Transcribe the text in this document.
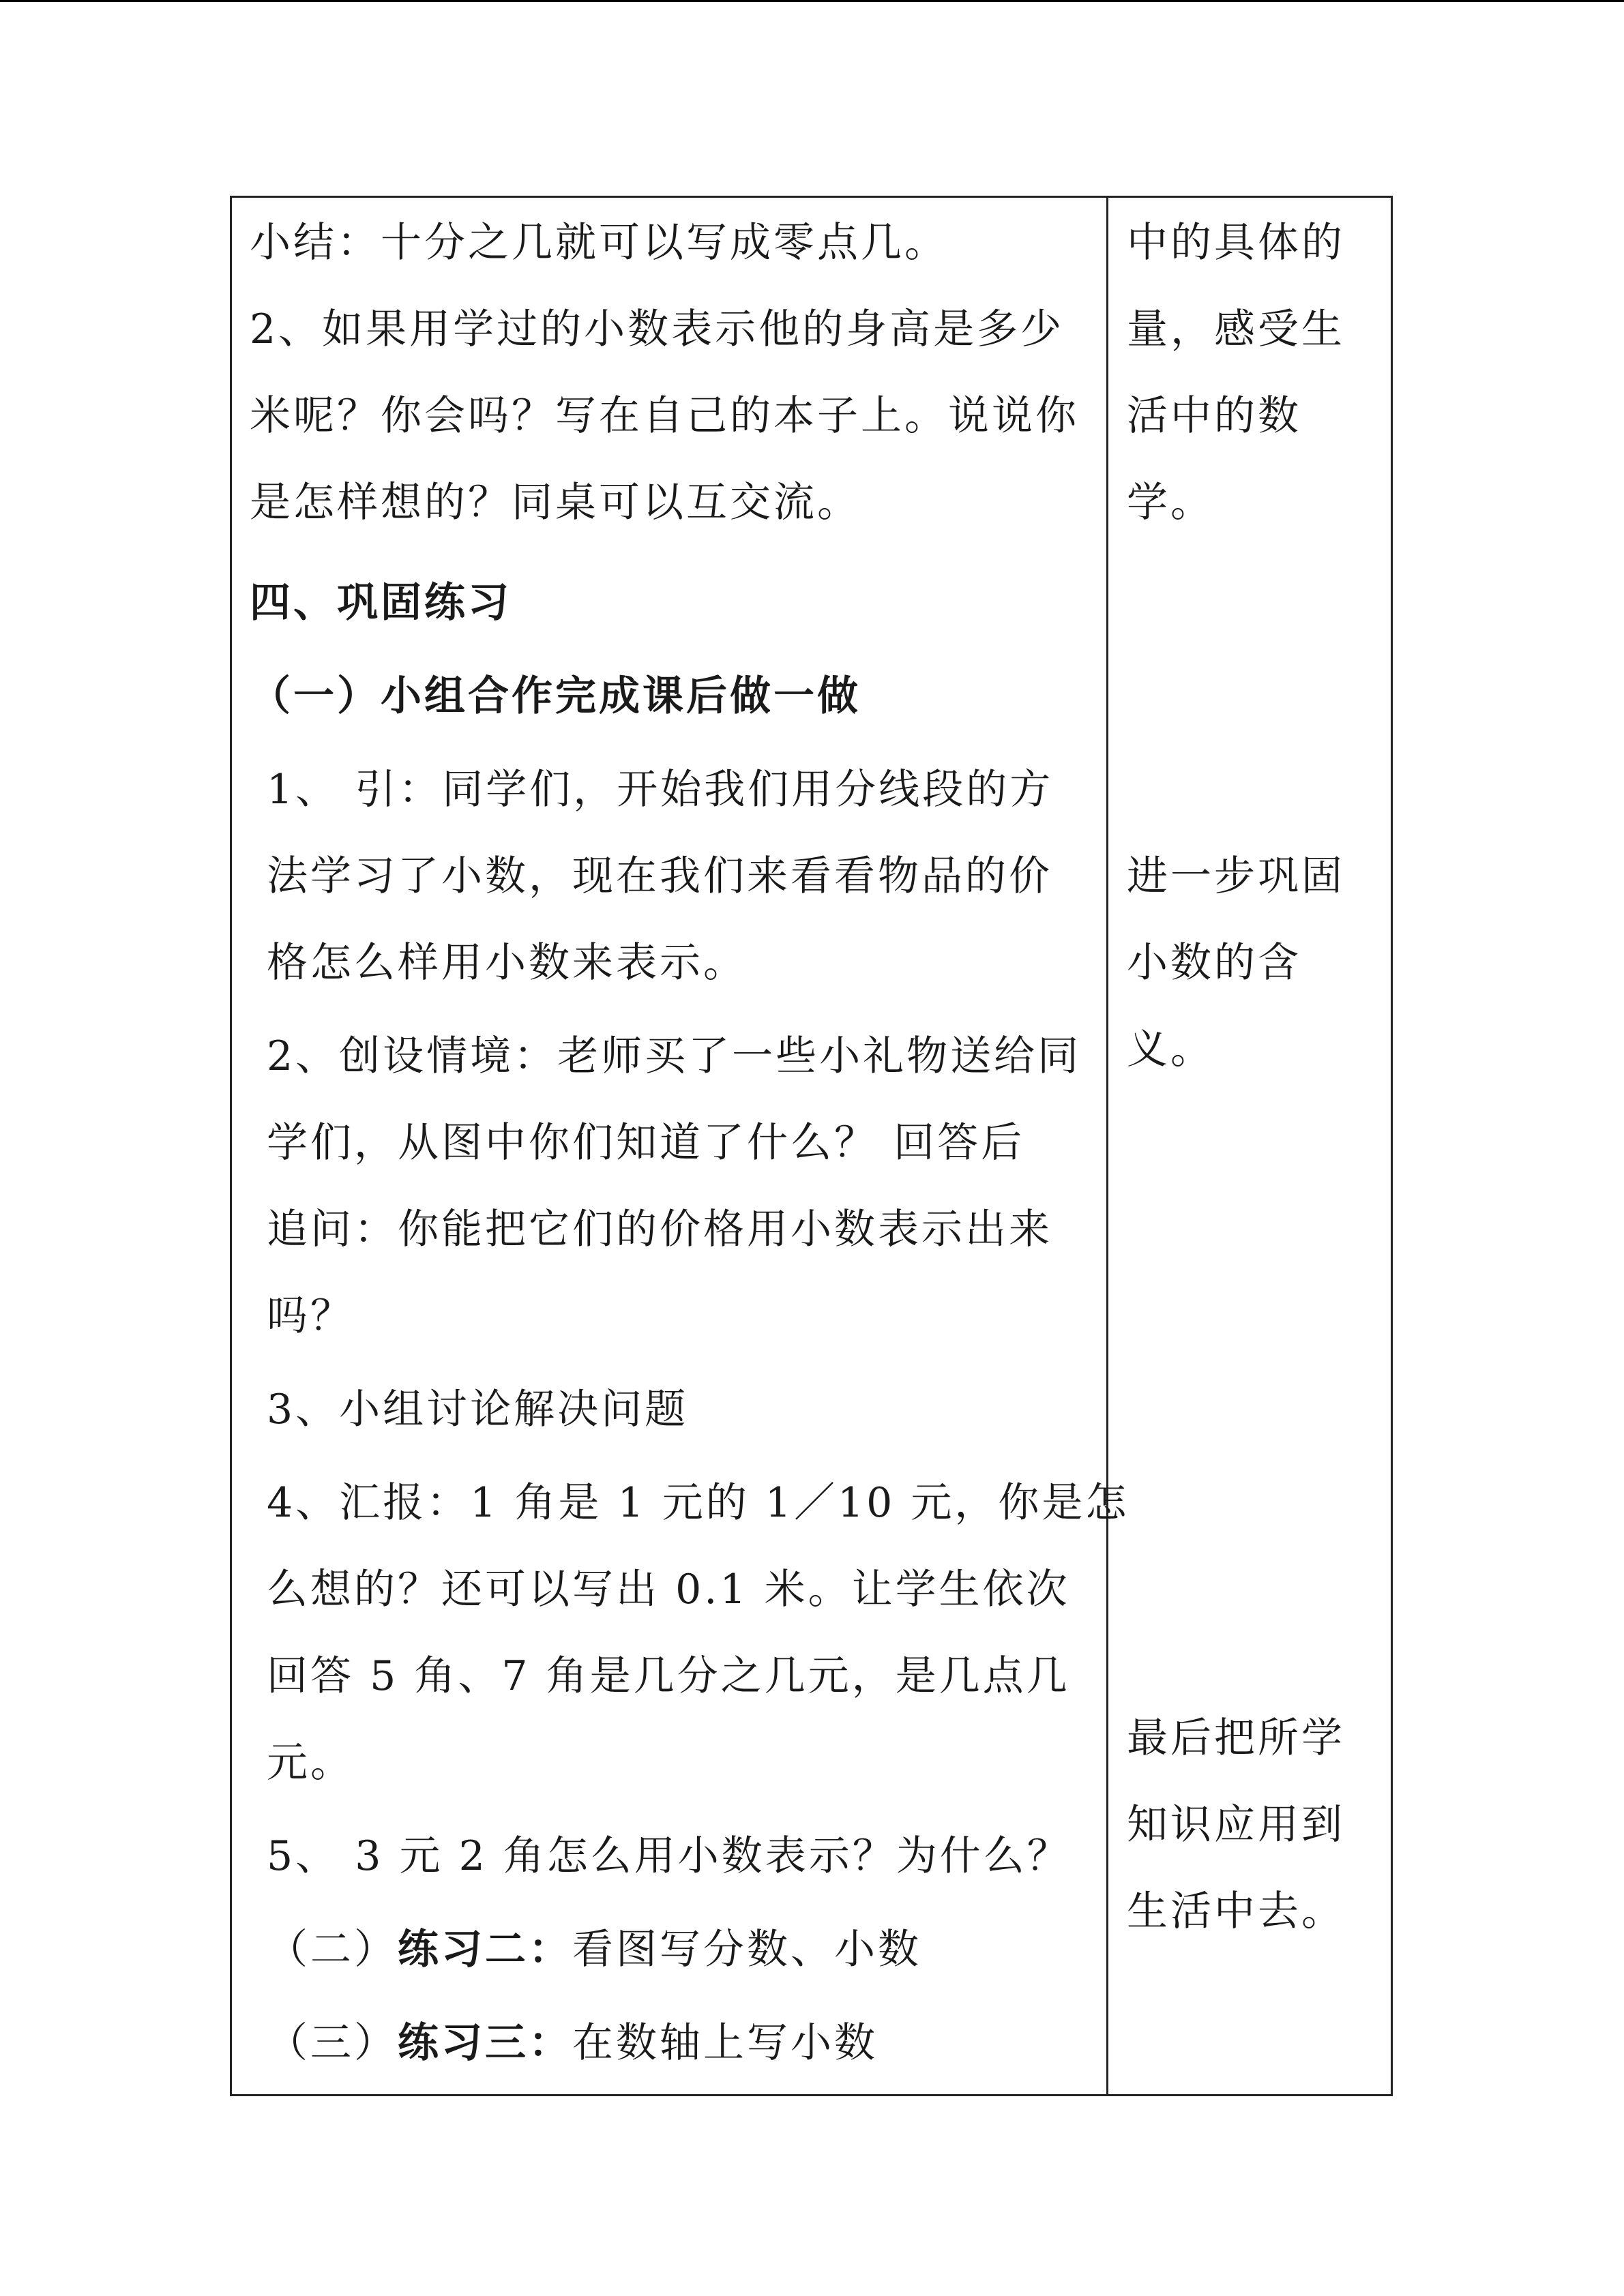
小结：十分之几就可以写成零点几。
2、如果用学过的小数表示他的身高是多少
米呢？你会吗？写在自己的本子上。说说你
是怎样想的？同桌可以互交流。
四、巩固练习
（一）小组合作完成课后做一做
1、 引：同学们，开始我们用分线段的方
法学习了小数，现在我们来看看物品的价
格怎么样用小数来表示。
2、创设情境：老师买了一些小礼物送给同
学们，从图中你们知道了什么？ 回答后
追问：你能把它们的价格用小数表示出来
吗？
3、小组讨论解决问题
4、汇报：1 角是 1 元的 1／10 元，你是怎
么想的？还可以写出 0.1 米。让学生依次
回答 5 角、7 角是几分之几元，是几点几
元。
5、 3 元 2 角怎么用小数表示？为什么？
（二）练习二：看图写分数、小数
（三）练习三：在数轴上写小数
中的具体的
量，感受生
活中的数
学。
进一步巩固
小数的含
义。
最后把所学
知识应用到
生活中去。
